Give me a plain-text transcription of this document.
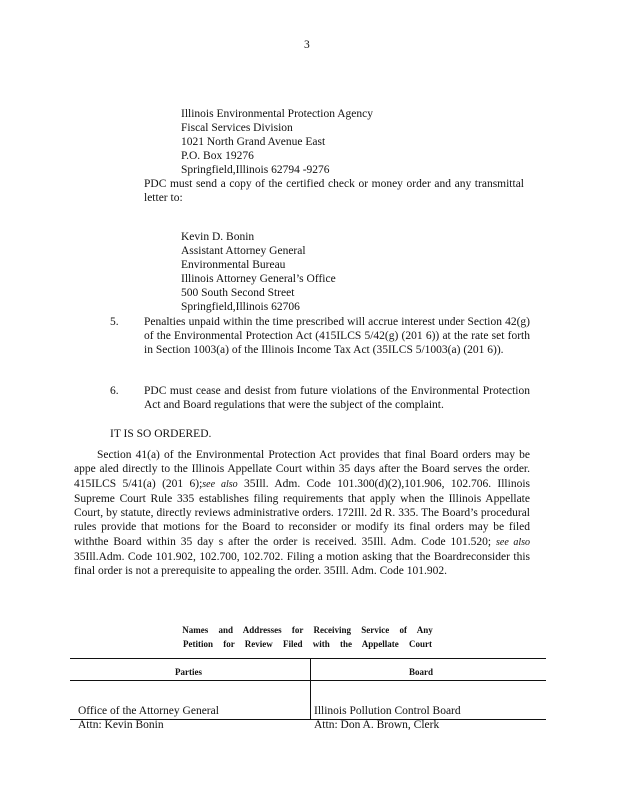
3

Illinois Environmental Protection Agency
Fiscal Services Division
1021 North Grand Avenue East
P.O. Box 19276
Springfield,Illinois 62794 -9276

PDC must send a copy of the certified check or money order and any transmittal letter to:

Kevin D. Bonin
Assistant Attorney General
Environmental Bureau
Illinois Attorney General’s Office
500 South Second Street
Springfield,Illinois 62706

5. Penalties unpaid within the time prescribed will accrue interest under Section 42(g) of the Environmental Protection Act (415ILCS 5/42(g) (201 6)) at the rate set forth in Section 1003(a) of the Illinois Income Tax Act (35ILCS 5/1003(a) (201 6)).
6. PDC must cease and desist from future violations of the Environmental Protection Act and Board regulations that were the subject of the complaint.
IT IS SO ORDERED.
  Section 41(a) of the Environmental Protection Act provides that final Board orders may be appe aled directly to the Illinois Appellate Court within 35 days after the Board serves the order. 415ILCS 5/41(a) (201 6);see also 35Ill. Adm. Code 101.300(d)(2),101.906, 102.706. Illinois Supreme Court Rule 335 establishes filing requirements that apply when the Illinois Appellate Court, by statute, directly reviews administrative orders. 172Ill. 2d R. 335. The Board’s procedural rules provide that motions for the Board to reconsider or modify its final orders may be filed withthe Board within 35 day s after the order is received. 35Ill. Adm. Code 101.520; see also 35Ill.Adm. Code 101.902, 102.700, 102.702. Filing a motion asking that the Boardreconsider this final order is not a prerequisite to appealing the order. 35Ill. Adm. Code 101.902.
Names and Addresses for Receiving Service of Any Petition for Review Filed with the Appellate Court
Parties	Board

Office of the Attorney General
Attn: Kevin Bonin

Illinois Pollution Control Board
Attn: Don A. Brown, Clerk
